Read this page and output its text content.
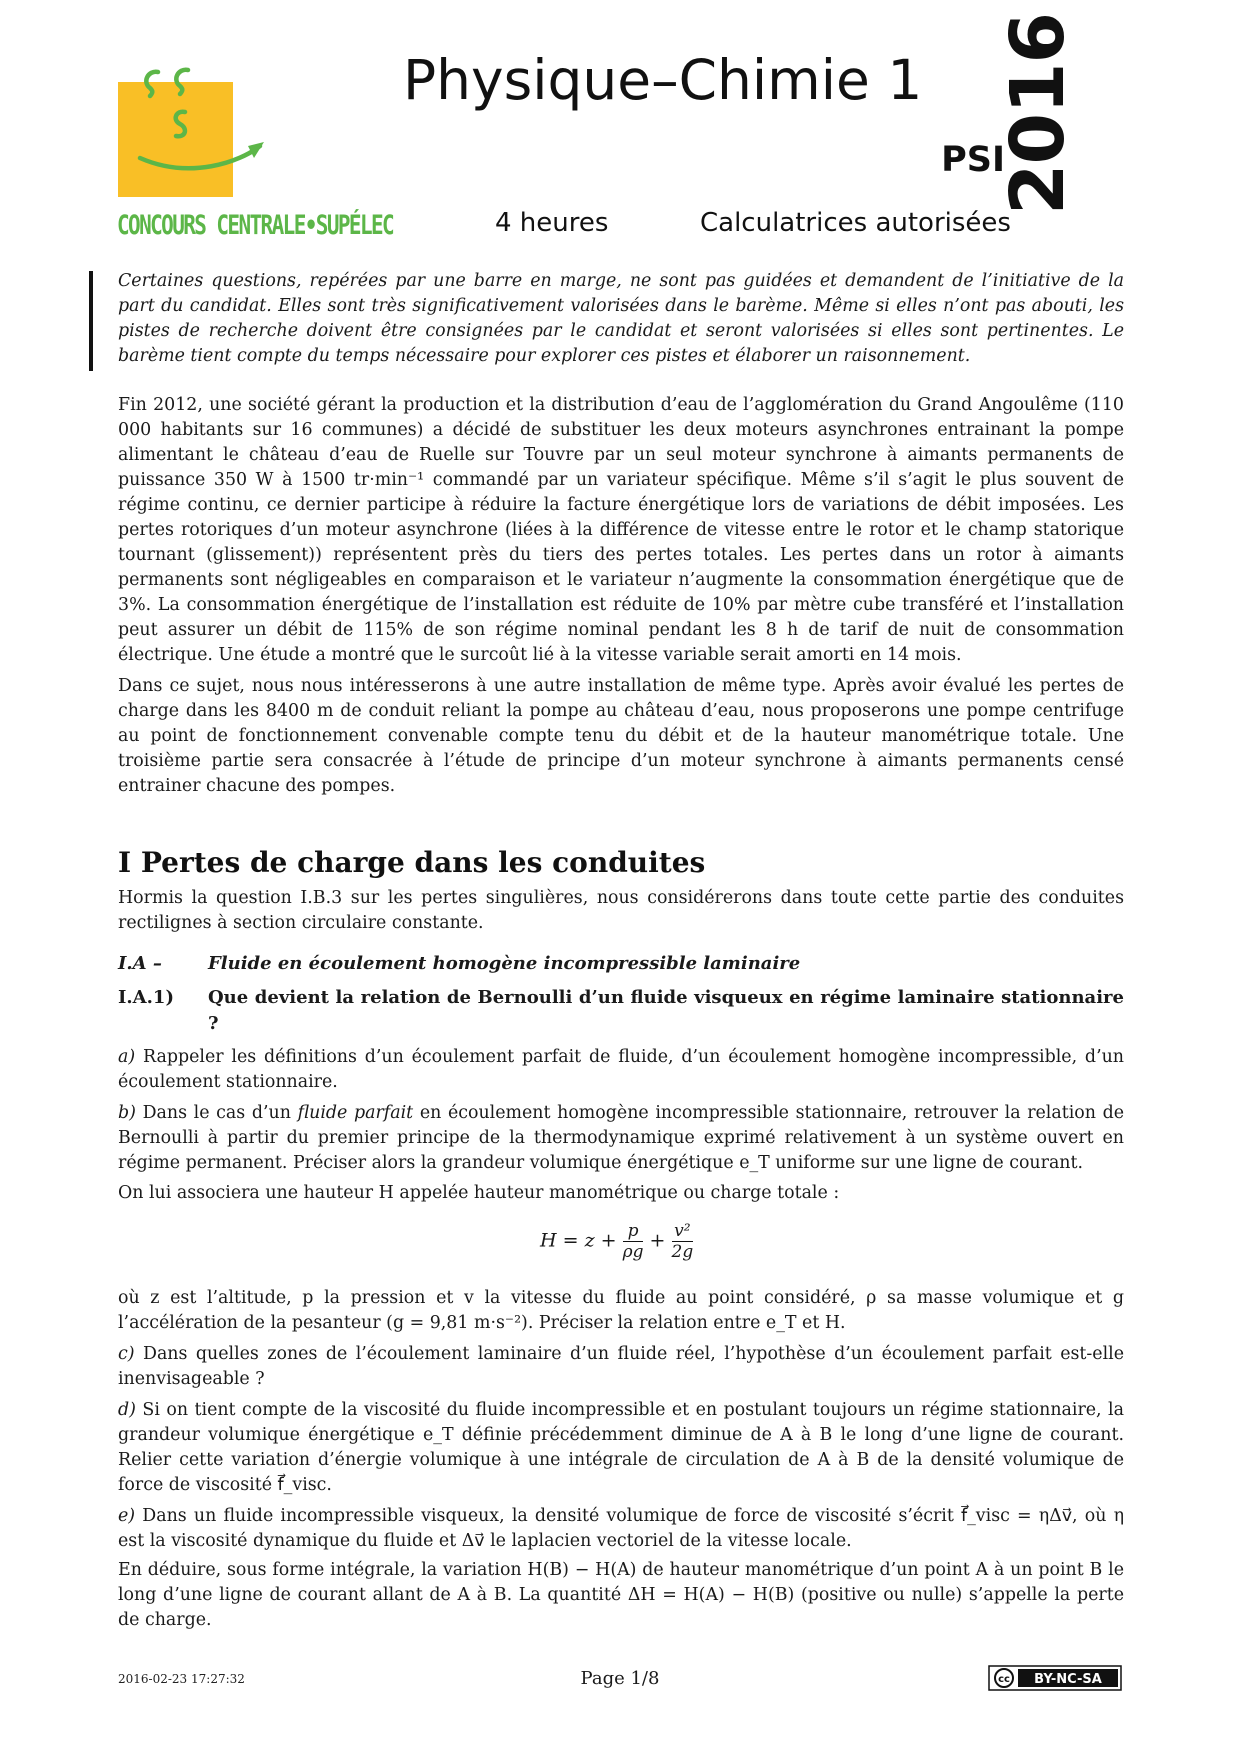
CONCOURS CENTRALE•SUPÉLEC
Physique–Chimie 1
PSI
4 heures	Calculatrices autorisées
2016
Certaines questions, repérées par une barre en marge, ne sont pas guidées et demandent de l’initiative de la part du candidat. Elles sont très significativement valorisées dans le barème. Même si elles n’ont pas abouti, les pistes de recherche doivent être consignées par le candidat et seront valorisées si elles sont pertinentes. Le barème tient compte du temps nécessaire pour explorer ces pistes et élaborer un raisonnement.
Fin 2012, une société gérant la production et la distribution d’eau de l’agglomération du Grand Angoulême (110 000 habitants sur 16 communes) a décidé de substituer les deux moteurs asynchrones entrainant la pompe alimentant le château d’eau de Ruelle sur Touvre par un seul moteur synchrone à aimants permanents de puissance 350 W à 1500 tr·min⁻¹ commandé par un variateur spécifique. Même s’il s’agit le plus souvent de régime continu, ce dernier participe à réduire la facture énergétique lors de variations de débit imposées. Les pertes rotoriques d’un moteur asynchrone (liées à la différence de vitesse entre le rotor et le champ statorique tournant (glissement)) représentent près du tiers des pertes totales. Les pertes dans un rotor à aimants permanents sont négligeables en comparaison et le variateur n’augmente la consommation énergétique que de 3%. La consommation énergétique de l’installation est réduite de 10% par mètre cube transféré et l’installation peut assurer un débit de 115% de son régime nominal pendant les 8 h de tarif de nuit de consommation électrique. Une étude a montré que le surcoût lié à la vitesse variable serait amorti en 14 mois.
Dans ce sujet, nous nous intéresserons à une autre installation de même type. Après avoir évalué les pertes de charge dans les 8400 m de conduit reliant la pompe au château d’eau, nous proposerons une pompe centrifuge au point de fonctionnement convenable compte tenu du débit et de la hauteur manométrique totale. Une troisième partie sera consacrée à l’étude de principe d’un moteur synchrone à aimants permanents censé entrainer chacune des pompes.
I Pertes de charge dans les conduites
Hormis la question I.B.3 sur les pertes singulières, nous considérerons dans toute cette partie des conduites rectilignes à section circulaire constante.
I.A –	Fluide en écoulement homogène incompressible laminaire
I.A.1) Que devient la relation de Bernoulli d’un fluide visqueux en régime laminaire stationnaire ?
a) Rappeler les définitions d’un écoulement parfait de fluide, d’un écoulement homogène incompressible, d’un écoulement stationnaire.
b) Dans le cas d’un fluide parfait en écoulement homogène incompressible stationnaire, retrouver la relation de Bernoulli à partir du premier principe de la thermodynamique exprimé relativement à un système ouvert en régime permanent. Préciser alors la grandeur volumique énergétique e_T uniforme sur une ligne de courant.
On lui associera une hauteur H appelée hauteur manométrique ou charge totale :
$H = z + \frac{p}{\rho g} + \frac{\text{v²}}{2g}$
où z est l’altitude, p la pression et v la vitesse du fluide au point considéré, ρ sa masse volumique et g l’accélération de la pesanteur (g = 9,81 m·s⁻²). Préciser la relation entre e_T et H.
c) Dans quelles zones de l’écoulement laminaire d’un fluide réel, l’hypothèse d’un écoulement parfait est-elle inenvisageable ?
d) Si on tient compte de la viscosité du fluide incompressible et en postulant toujours un régime stationnaire, la grandeur volumique énergétique e_T définie précédemment diminue de A à B le long d’une ligne de courant. Relier cette variation d’énergie volumique à une intégrale de circulation de A à B de la densité volumique de force de viscosité f⃗_visc.
e) Dans un fluide incompressible visqueux, la densité volumique de force de viscosité s’écrit f⃗_visc = ηΔv⃗, où η est la viscosité dynamique du fluide et Δv⃗ le laplacien vectoriel de la vitesse locale.
En déduire, sous forme intégrale, la variation H(B) − H(A) de hauteur manométrique d’un point A à un point B le long d’une ligne de courant allant de A à B. La quantité ΔH = H(A) − H(B) (positive ou nulle) s’appelle la perte de charge.
2016-02-23 17:27:32	Page 1/8	cc BY-NC-SA
